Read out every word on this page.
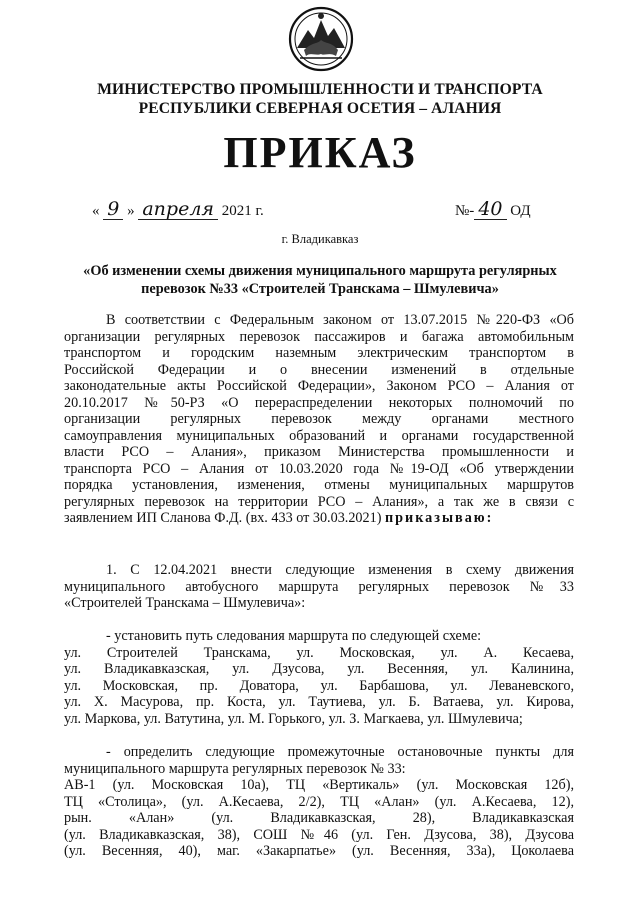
МИНИСТЕРСТВО ПРОМЫШЛЕННОСТИ И ТРАНСПОРТА
РЕСПУБЛИКИ СЕВЕРНАЯ ОСЕТИЯ – АЛАНИЯ
ПРИКАЗ
« 9 » апреля 2021 г.	№- 40 ОД
г. Владикавказ
«Об изменении схемы движения муниципального маршрута регулярных
перевозок №33 «Строителей Транскама – Шмулевича»
В соответствии с Федеральным законом от 13.07.2015 №220-ФЗ «Об
организации регулярных перевозок пассажиров и багажа автомобильным
транспортом и городским наземным электрическим транспортом в
Российской Федерации и о внесении изменений в отдельные
законодательные акты Российской Федерации», Законом РСО – Алания от
20.10.2017 №50-РЗ «О перераспределении некоторых полномочий по
организации регулярных перевозок между органами местного
самоуправления муниципальных образований и органами государственной
власти РСО – Алания», приказом Министерства промышленности и
транспорта РСО – Алания от 10.03.2020 года №19-ОД «Об утверждении
порядка установления, изменения, отмены муниципальных маршрутов
регулярных перевозок на территории РСО – Алания», а так же в связи с
заявлением ИП Сланова Ф.Д. (вх. 433 от 30.03.2021) приказываю:
1. С 12.04.2021 внести следующие изменения в схему движения
муниципального автобусного маршрута регулярных перевозок №33
«Строителей Транскама – Шмулевича»:
- установить путь следования маршрута по следующей схеме:
ул. Строителей Транскама, ул. Московская, ул. А. Кесаева,
ул. Владикавказская, ул. Дзусова, ул. Весенняя, ул. Калинина,
ул. Московская, пр. Доватора, ул. Барбашова, ул. Леваневского,
ул. Х. Масурова, пр. Коста, ул. Таутиева, ул. Б. Ватаева, ул. Кирова,
ул. Маркова, ул. Ватутина, ул. М. Горького, ул. З. Магкаева, ул. Шмулевича;
- определить следующие промежуточные остановочные пункты для
муниципального маршрута регулярных перевозок № 33:
АВ-1 (ул. Московская 10а), ТЦ «Вертикаль» (ул. Московская 12б),
ТЦ «Столица», (ул. А.Кесаева, 2/2), ТЦ «Алан» (ул. А.Кесаева, 12),
рын. «Алан» (ул. Владикавказская, 28), Владикавказская
(ул. Владикавказская, 38), СОШ №46 (ул. Ген. Дзусова, 38), Дзусова
(ул. Весенняя, 40), маг. «Закарпатье» (ул. Весенняя, 33а), Цоколаева
